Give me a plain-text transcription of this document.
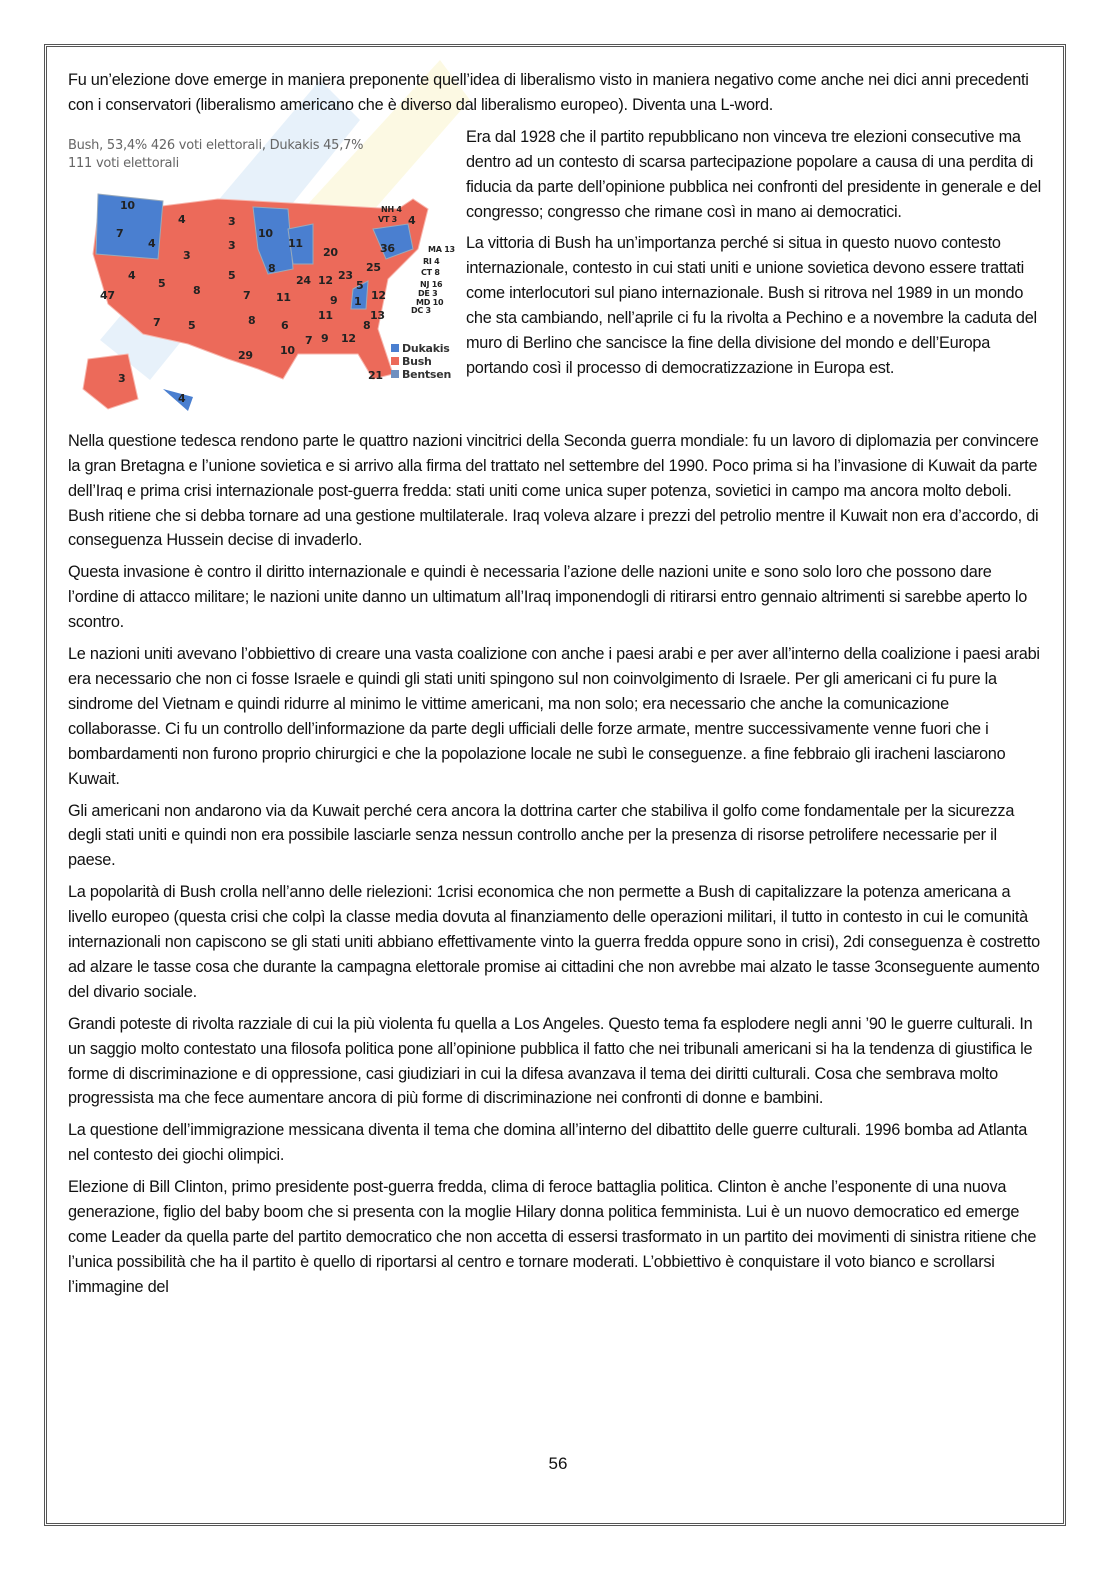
Fu un’elezione dove emerge in maniera preponente quell’idea di liberalismo visto in maniera negativo come anche nei dici anni precedenti con i conservatori (liberalismo americano che è diverso dal liberalismo europeo). Diventa una L-word.

Bush, 53,4% 426 voti elettorali, Dukakis 45,7%
111 voti elettorali
10
7
4
4
3
3
3
10
11
8
4
5
5
8
47
7	5
7
8
11
24 12
20
23
25
5
1 12
9
11	13
6
10
7 9 12
8
29
21
3
4
36
4
NH 4
VT 3
MA 13
RI 4
CT 8
NJ 16
DE 3
MD 10
DC 3
Dukakis
Bush
Bentsen

Era dal 1928 che il partito repubblicano non vinceva tre elezioni consecutive ma dentro ad un contesto di scarsa partecipazione popolare a causa di una perdita di fiducia da parte dell’opinione pubblica nei confronti del presidente in generale e del congresso; congresso che rimane così in mano ai democratici.

La vittoria di Bush ha un’importanza perché si situa in questo nuovo contesto internazionale, contesto in cui stati uniti e unione sovietica devono essere trattati come interlocutori sul piano internazionale. Bush si ritrova nel 1989 in un mondo che sta cambiando, nell’aprile ci fu la rivolta a Pechino e a novembre la caduta del muro di Berlino che sancisce la fine della divisione del mondo e dell’Europa portando così il processo di democratizzazione in Europa est.

Nella questione tedesca rendono parte le quattro nazioni vincitrici della Seconda guerra mondiale: fu un lavoro di diplomazia per convincere la gran Bretagna e l’unione sovietica e si arrivo alla firma del trattato nel settembre del 1990. Poco prima si ha l’invasione di Kuwait da parte dell’Iraq e prima crisi internazionale post-guerra fredda: stati uniti come unica super potenza, sovietici in campo ma ancora molto deboli. Bush ritiene che si debba tornare ad una gestione multilaterale. Iraq voleva alzare i prezzi del petrolio mentre il Kuwait non era d’accordo, di conseguenza Hussein decise di invaderlo.

Questa invasione è contro il diritto internazionale e quindi è necessaria l’azione delle nazioni unite e sono solo loro che possono dare l’ordine di attacco militare; le nazioni unite danno un ultimatum all’Iraq imponendogli di ritirarsi entro gennaio altrimenti si sarebbe aperto lo scontro.

Le nazioni uniti avevano l’obbiettivo di creare una vasta coalizione con anche i paesi arabi e per aver all’interno della coalizione i paesi arabi era necessario che non ci fosse Israele e quindi gli stati uniti spingono sul non coinvolgimento di Israele. Per gli americani ci fu pure la sindrome del Vietnam e quindi ridurre al minimo le vittime americani, ma non solo; era necessario che anche la comunicazione collaborasse. Ci fu un controllo dell’informazione da parte degli ufficiali delle forze armate, mentre successivamente venne fuori che i bombardamenti non furono proprio chirurgici e che la popolazione locale ne subì le conseguenze. a fine febbraio gli iracheni lasciarono Kuwait.

Gli americani non andarono via da Kuwait perché cera ancora la dottrina carter che stabiliva il golfo come fondamentale per la sicurezza degli stati uniti e quindi non era possibile lasciarle senza nessun controllo anche per la presenza di risorse petrolifere necessarie per il paese.

La popolarità di Bush crolla nell’anno delle rielezioni: 1crisi economica che non permette a Bush di capitalizzare la potenza americana a livello europeo (questa crisi che colpì la classe media dovuta al finanziamento delle operazioni militari, il tutto in contesto in cui le comunità internazionali non capiscono se gli stati uniti abbiano effettivamente vinto la guerra fredda oppure sono in crisi), 2di conseguenza è costretto ad alzare le tasse cosa che durante la campagna elettorale promise ai cittadini che non avrebbe mai alzato le tasse 3conseguente aumento del divario sociale.

Grandi poteste di rivolta razziale di cui la più violenta fu quella a Los Angeles. Questo tema fa esplodere negli anni ’90 le guerre culturali. In un saggio molto contestato una filosofa politica pone all’opinione pubblica il fatto che nei tribunali americani si ha la tendenza di giustifica le forme di discriminazione e di oppressione, casi giudiziari in cui la difesa avanzava il tema dei diritti culturali. Cosa che sembrava molto progressista ma che fece aumentare ancora di più forme di discriminazione nei confronti di donne e bambini.

La questione dell’immigrazione messicana diventa il tema che domina all’interno del dibattito delle guerre culturali. 1996 bomba ad Atlanta nel contesto dei giochi olimpici.

Elezione di Bill Clinton, primo presidente post-guerra fredda, clima di feroce battaglia politica. Clinton è anche l’esponente di una nuova generazione, figlio del baby boom che si presenta con la moglie Hilary donna politica femminista. Lui è un nuovo democratico ed emerge come Leader da quella parte del partito democratico che non accetta di essersi trasformato in un partito dei movimenti di sinistra ritiene che l’unica possibilità che ha il partito è quello di riportarsi al centro e tornare moderati. L’obbiettivo è conquistare il voto bianco e scrollarsi l’immagine del

56
